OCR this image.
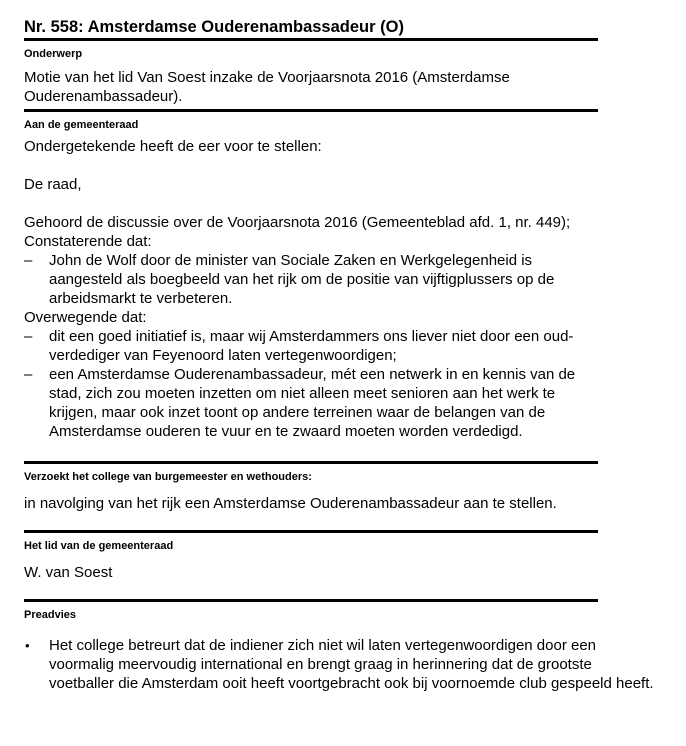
Nr. 558: Amsterdamse Ouderenambassadeur (O)
Onderwerp

Motie van het lid Van Soest inzake de Voorjaarsnota 2016 (Amsterdamse Ouderenambassadeur).

Aan de gemeenteraad

Ondergetekende heeft de eer voor te stellen:

De raad,

Gehoord de discussie over de Voorjaarsnota 2016 (Gemeenteblad afd. 1, nr. 449);

Constaterende dat:

– John de Wolf door de minister van Sociale Zaken en Werkgelegenheid is aangesteld als boegbeeld van het rijk om de positie van vijftigplussers op de arbeidsmarkt te verbeteren.

Overwegende dat:

– dit een goed initiatief is, maar wij Amsterdammers ons liever niet door een oud-verdediger van Feyenoord laten vertegenwoordigen;
– een Amsterdamse Ouderenambassadeur, mét een netwerk in en kennis van de stad, zich zou moeten inzetten om niet alleen meet senioren aan het werk te krijgen, maar ook inzet toont op andere terreinen waar de belangen van de Amsterdamse ouderen te vuur en te zwaard moeten worden verdedigd.
Verzoekt het college van burgemeester en wethouders:

in navolging van het rijk een Amsterdamse Ouderenambassadeur aan te stellen.

Het lid van de gemeenteraad

W. van Soest

Preadvies
• Het college betreurt dat de indiener zich niet wil laten vertegenwoordigen door een voormalig meervoudig international en brengt graag in herinnering dat de grootste voetballer die Amsterdam ooit heeft voortgebracht ook bij voornoemde club gespeeld heeft.
